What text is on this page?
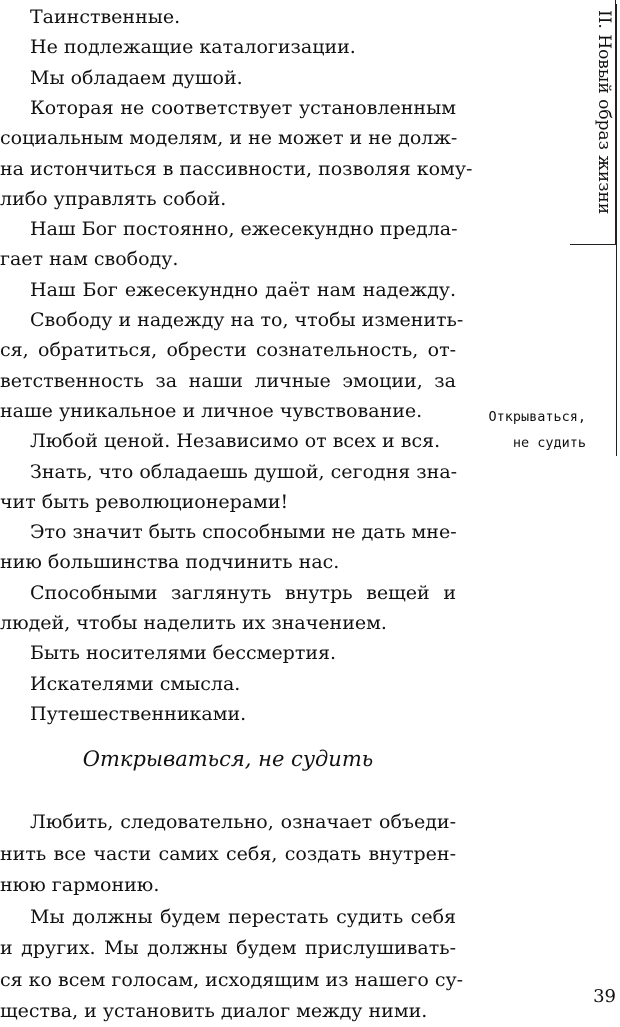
Таинственные.
Не подлежащие каталогизации.
Мы обладаем душой.
Которая не соответствует установленным
социальным моделям, и не может и не долж-
на истончиться в пассивности, позволяя кому-
либо управлять собой.
Наш Бог постоянно, ежесекундно предла-
гает нам свободу.
Наш Бог ежесекундно даёт нам надежду.
Свободу и надежду на то, чтобы изменить-
ся, обратиться, обрести сознательность, от-
ветственность за наши личные эмоции, за
наше уникальное и личное чувствование.
Любой ценой. Независимо от всех и вся.
Знать, что обладаешь душой, сегодня зна-
чит быть революционерами!
Это значит быть способными не дать мне-
нию большинства подчинить нас.
Способными заглянуть внутрь вещей и
людей, чтобы наделить их значением.
Быть носителями бессмертия.
Искателями смысла.
Путешественниками.
Любить, следовательно, означает объеди-
нить все части самих себя, создать внутрен-
нюю гармонию.
Мы должны будем перестать судить себя
и других. Мы должны будем прислушивать-
ся ко всем голосам, исходящим из нашего су-
щества, и установить диалог между ними.
Открываться, не судить
Открываться,
не судить
II. Новый образ жизни
39
